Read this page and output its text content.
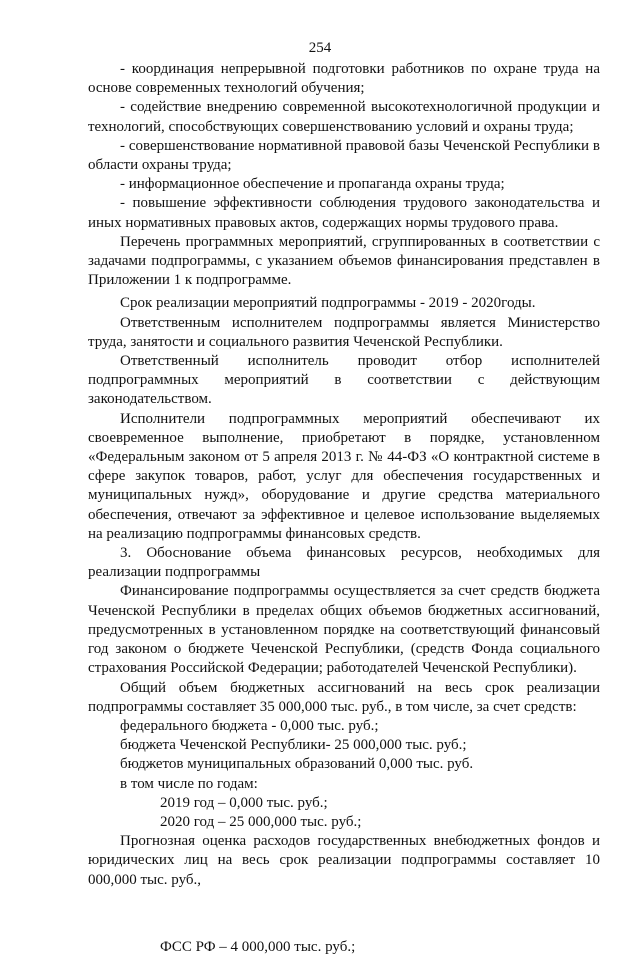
254

- координация непрерывной подготовки работников по охране труда на основе современных технологий обучения;

- содействие внедрению современной высокотехнологичной продукции и технологий, способствующих совершенствованию условий и охраны труда;

- совершенствование нормативной правовой базы Чеченской Республики в области охраны труда;

- информационное обеспечение и пропаганда охраны труда;

- повышение эффективности соблюдения трудового законодательства и иных нормативных правовых актов, содержащих нормы трудового права.

Перечень программных мероприятий, сгруппированных в соответствии с задачами подпрограммы, с указанием объемов финансирования представлен в Приложении 1 к подпрограмме.

Срок реализации мероприятий подпрограммы - 2019 - 2020годы.

Ответственным исполнителем подпрограммы является Министерство труда, занятости и социального развития Чеченской Республики.

Ответственный исполнитель проводит отбор исполнителей подпрограммных мероприятий в соответствии с действующим законодательством.

Исполнители подпрограммных мероприятий обеспечивают их своевременное выполнение, приобретают в порядке, установленном «Федеральным законом от 5 апреля 2013 г. № 44-ФЗ «О контрактной системе в сфере закупок товаров, работ, услуг для обеспечения государственных и муниципальных нужд», оборудование и другие средства материального обеспечения, отвечают за эффективное и целевое использование выделяемых на реализацию подпрограммы финансовых средств.

3. Обоснование объема финансовых ресурсов, необходимых для реализации подпрограммы

Финансирование подпрограммы осуществляется за счет средств бюджета Чеченской Республики в пределах общих объемов бюджетных ассигнований, предусмотренных в установленном порядке на соответствующий финансовый год законом о бюджете Чеченской Республики, (средств Фонда социального страхования Российской Федерации; работодателей Чеченской Республики).

Общий объем бюджетных ассигнований на весь срок реализации подпрограммы составляет 35 000,000 тыс. руб., в том числе, за счет средств:

федерального бюджета - 0,000 тыс. руб.;

бюджета Чеченской Республики- 25 000,000 тыс. руб.;

бюджетов муниципальных образований 0,000 тыс. руб.

в том числе по годам:

2019 год – 0,000 тыс. руб.;

2020 год – 25 000,000 тыс. руб.;

Прогнозная оценка расходов государственных внебюджетных фондов и юридических лиц на весь срок реализации подпрограммы составляет 10 000,000 тыс. руб.,

ФСС РФ – 4 000,000 тыс. руб.;
